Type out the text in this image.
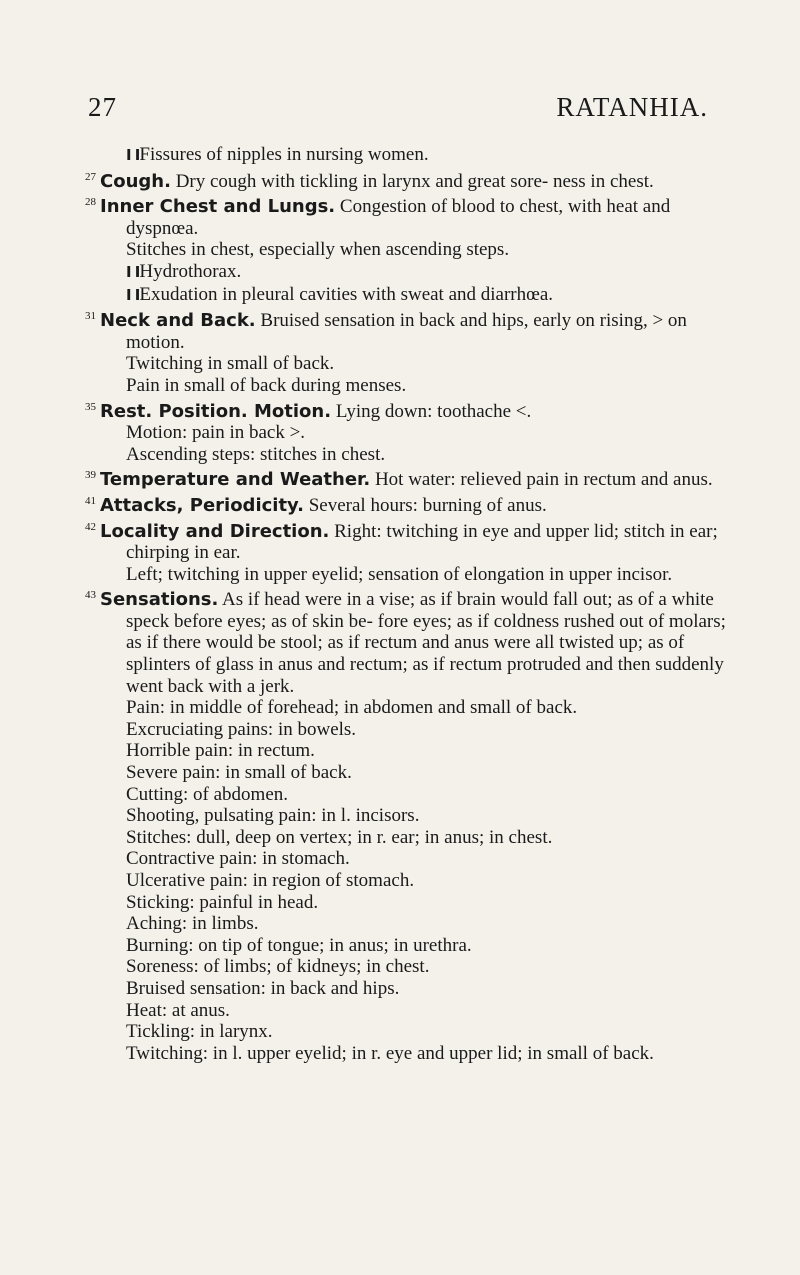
27	RATANHIA.

I IFissures of nipples in nursing women.

27 Cough. Dry cough with tickling in larynx and great sore- ness in chest.

28 Inner Chest and Lungs. Congestion of blood to chest, with heat and dyspnœa.

Stitches in chest, especially when ascending steps.

I IHydrothorax.

I IExudation in pleural cavities with sweat and diarrhœa.

31 Neck and Back. Bruised sensation in back and hips, early on rising, > on motion.

Twitching in small of back.

Pain in small of back during menses.

35 Rest. Position. Motion. Lying down: toothache <.

Motion: pain in back >.

Ascending steps: stitches in chest.

39 Temperature and Weather. Hot water: relieved pain in rectum and anus.

41 Attacks, Periodicity. Several hours: burning of anus.

42 Locality and Direction. Right: twitching in eye and upper lid; stitch in ear; chirping in ear.

Left; twitching in upper eyelid; sensation of elongation in upper incisor.

43 Sensations. As if head were in a vise; as if brain would fall out; as of a white speck before eyes; as of skin be- fore eyes; as if coldness rushed out of molars; as if there would be stool; as if rectum and anus were all twisted up; as of splinters of glass in anus and rectum; as if rectum protruded and then suddenly went back with a jerk.

Pain: in middle of forehead; in abdomen and small of back.

Excruciating pains: in bowels.

Horrible pain: in rectum.

Severe pain: in small of back.

Cutting: of abdomen.

Shooting, pulsating pain: in l. incisors.

Stitches: dull, deep on vertex; in r. ear; in anus; in chest.

Contractive pain: in stomach.

Ulcerative pain: in region of stomach.

Sticking: painful in head.

Aching: in limbs.

Burning: on tip of tongue; in anus; in urethra.

Soreness: of limbs; of kidneys; in chest.

Bruised sensation: in back and hips.

Heat: at anus.

Tickling: in larynx.

Twitching: in l. upper eyelid; in r. eye and upper lid; in small of back.
